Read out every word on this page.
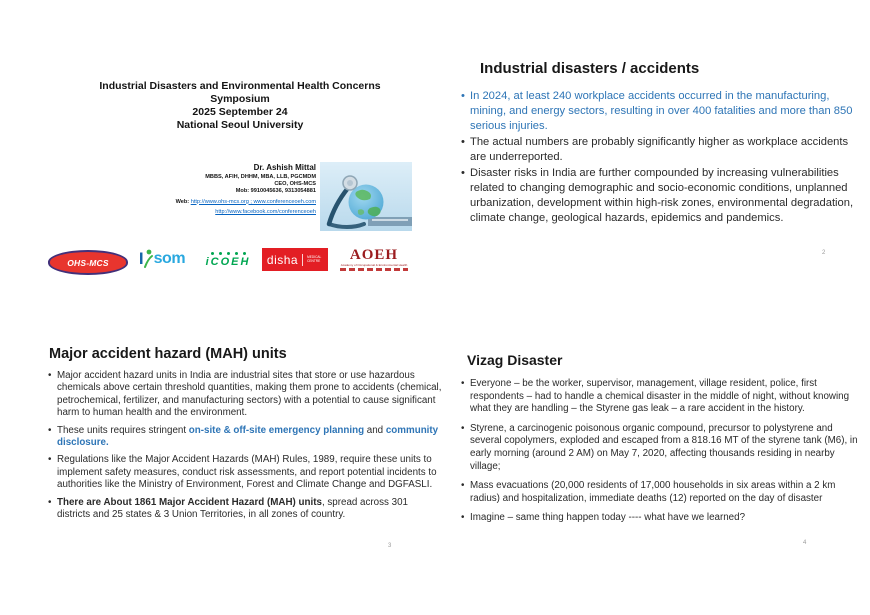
Industrial Disasters and Environmental Health Concerns
Symposium
2025 September 24
National Seoul University
Dr. Ashish Mittal
MBBS, AFIH, DHHM, MBA, LLB, PGCMDM
CEO, OHS-MCS
Mob: 9910045636, 9313054881
Web: http://www.ohs-mcs.org ; www.conferenceoeh.com
http://www.facebook.com/conferenceoeh
OHS-MCS I som iCOEH disha	MEDICAL CENTRE AOEH
Academy of Occupational & Environmental Health
Industrial disasters / accidents
• In 2024, at least 240 workplace accidents occurred in the manufacturing, mining, and energy sectors, resulting in over 400 fatalities and more than 850 serious injuries.
• The actual numbers are probably significantly higher as workplace accidents are underreported.
• Disaster risks in India are further compounded by increasing vulnerabilities related to changing demographic and socio-economic conditions, unplanned urbanization, development within high-risk zones, environmental degradation, climate change, geological hazards, epidemics and pandemics.
2
Major accident hazard (MAH) units
• Major accident hazard units in India are industrial sites that store or use hazardous chemicals above certain threshold quantities, making them prone to accidents (chemical, petrochemical, fertilizer, and manufacturing sectors) with a potential to cause significant harm to human health and the environment.
• These units requires stringent on-site & off-site emergency planning and community disclosure.
• Regulations like the Major Accident Hazards (MAH) Rules, 1989, require these units to implement safety measures, conduct risk assessments, and report potential incidents to authorities like the Ministry of Environment, Forest and Climate Change and DGFASLI.
• There are About 1861 Major Accident Hazard (MAH) units, spread across 301 districts and 25 states & 3 Union Territories, in all zones of country.
3
Vizag Disaster
• Everyone – be the worker, supervisor, management, village resident, police, first respondents – had to handle a chemical disaster in the middle of night, without knowing what they are handling – the Styrene gas leak – a rare accident in the history.
• Styrene, a carcinogenic poisonous organic compound, precursor to polystyrene and several copolymers, exploded and escaped from a 818.16 MT of the styrene tank (M6), in early morning (around 2 AM) on May 7, 2020, affecting thousands residing in nearby village;
• Mass evacuations (20,000 residents of 17,000 households in six areas within a 2 km radius) and hospitalization, immediate deaths (12) reported on the day of disaster
• Imagine – same thing happen today ---- what have we learned?
4
